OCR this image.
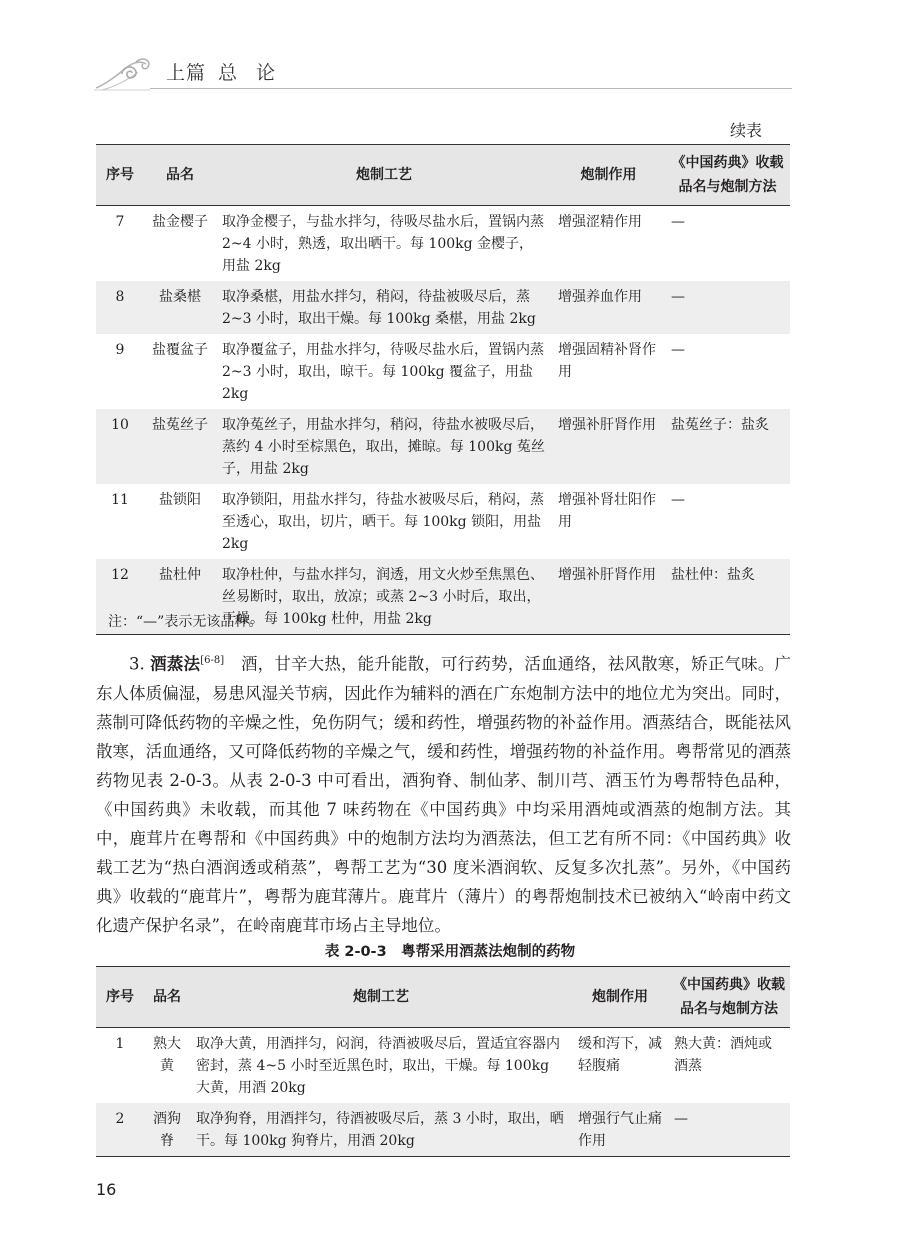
上篇 总 论
续表
序号	品名	炮制工艺	炮制作用	《中国药典》收载品名与炮制方法
7	盐金樱子	取净金樱子，与盐水拌匀，待吸尽盐水后，置锅内蒸 2~4 小时，熟透，取出晒干。每 100kg 金樱子，用盐 2kg	增强涩精作用	—
8	盐桑椹	取净桑椹，用盐水拌匀，稍闷，待盐被吸尽后，蒸 2~3 小时，取出干燥。每 100kg 桑椹，用盐 2kg	增强养血作用	—
9	盐覆盆子	取净覆盆子，用盐水拌匀，待吸尽盐水后，置锅内蒸 2~3 小时，取出，晾干。每 100kg 覆盆子，用盐 2kg	增强固精补肾作用	—
10	盐菟丝子	取净菟丝子，用盐水拌匀，稍闷，待盐水被吸尽后，蒸约 4 小时至棕黑色，取出，摊晾。每 100kg 菟丝子，用盐 2kg	增强补肝肾作用	盐菟丝子：盐炙
11	盐锁阳	取净锁阳，用盐水拌匀，待盐水被吸尽后，稍闷，蒸至透心，取出，切片，晒干。每 100kg 锁阳，用盐 2kg	增强补肾壮阳作用	—
12	盐杜仲	取净杜仲，与盐水拌匀，润透，用文火炒至焦黑色、丝易断时，取出，放凉；或蒸 2~3 小时后，取出，干燥。每 100kg 杜仲，用盐 2kg	增强补肝肾作用	盐杜仲：盐炙
注：“—”表示无该品种。

3. 酒蒸法[6-8]　 酒，甘辛大热，能升能散，可行药势，活血通络，祛风散寒，矫正气味。广东人体质偏湿，易患风湿关节病，因此作为辅料的酒在广东炮制方法中的地位尤为突出。同时，蒸制可降低药物的辛燥之性，免伤阴气；缓和药性，增强药物的补益作用。酒蒸结合，既能祛风散寒，活血通络，又可降低药物的辛燥之气，缓和药性，增强药物的补益作用。粤帮常见的酒蒸药物见表 2-0-3。从表 2-0-3 中可看出，酒狗脊、制仙茅、制川芎、酒玉竹为粤帮特色品种，《中国药典》未收载，而其他 7 味药物在《中国药典》中均采用酒炖或酒蒸的炮制方法。其中，鹿茸片在粤帮和《中国药典》中的炮制方法均为酒蒸法，但工艺有所不同：《中国药典》收载工艺为“热白酒润透或稍蒸”，粤帮工艺为“30 度米酒润软、反复多次扎蒸”。另外，《中国药典》收载的“鹿茸片”，粤帮为鹿茸薄片。鹿茸片（薄片）的粤帮炮制技术已被纳入“岭南中药文化遗产保护名录”，在岭南鹿茸市场占主导地位。

表 2-0-3　粤帮采用酒蒸法炮制的药物
序号	品名	炮制工艺	炮制作用	《中国药典》收载品名与炮制方法
1	熟大黄	取净大黄，用酒拌匀，闷润，待酒被吸尽后，置适宜容器内密封，蒸 4~5 小时至近黑色时，取出，干燥。每 100kg 大黄，用酒 20kg	缓和泻下，减轻腹痛	熟大黄：酒炖或酒蒸
2	酒狗脊	取净狗脊，用酒拌匀，待酒被吸尽后，蒸 3 小时，取出，晒干。每 100kg 狗脊片，用酒 20kg	增强行气止痛作用	—
16
